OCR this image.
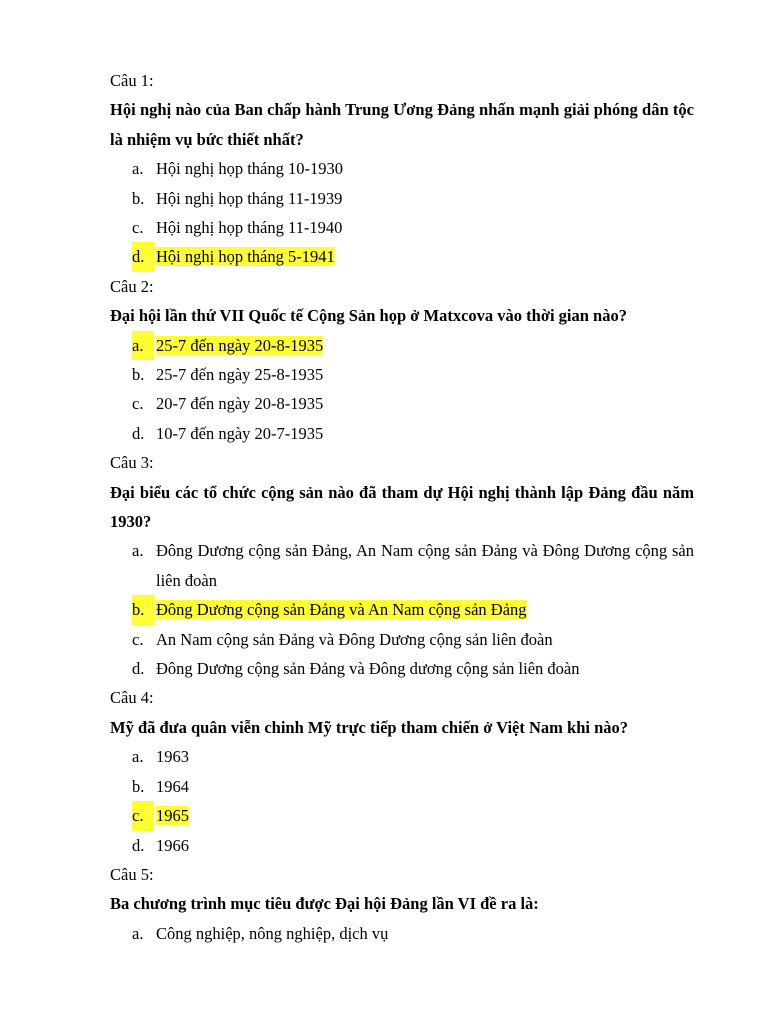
Câu 1:
Hội nghị nào của Ban chấp hành Trung Ương Đảng nhấn mạnh giải phóng dân tộc là nhiệm vụ bức thiết nhất?
a. Hội nghị họp tháng 10-1930
b. Hội nghị họp tháng 11-1939
c. Hội nghị họp tháng 11-1940
d. Hội nghị họp tháng 5-1941
Câu 2:
Đại hội lần thứ VII Quốc tế Cộng Sản họp ở Matxcova vào thời gian nào?
a. 25-7 đến ngày 20-8-1935
b. 25-7 đến ngày 25-8-1935
c. 20-7 đến ngày 20-8-1935
d. 10-7 đến ngày 20-7-1935
Câu 3:
Đại biểu các tổ chức cộng sản nào đã tham dự Hội nghị thành lập Đảng đầu năm 1930?
a. Đông Dương cộng sản Đảng, An Nam cộng sản Đảng và Đông Dương cộng sản liên đoàn
b. Đông Dương cộng sản Đảng và An Nam cộng sản Đảng
c. An Nam cộng sản Đảng và Đông Dương cộng sản liên đoàn
d. Đông Dương cộng sản Đảng và Đông dương cộng sản liên đoàn
Câu 4:
Mỹ đã đưa quân viễn chinh Mỹ trực tiếp tham chiến ở Việt Nam khi nào?
a. 1963
b. 1964
c. 1965
d. 1966
Câu 5:
Ba chương trình mục tiêu được Đại hội Đảng lần VI đề ra là:
a. Công nghiệp, nông nghiệp, dịch vụ
